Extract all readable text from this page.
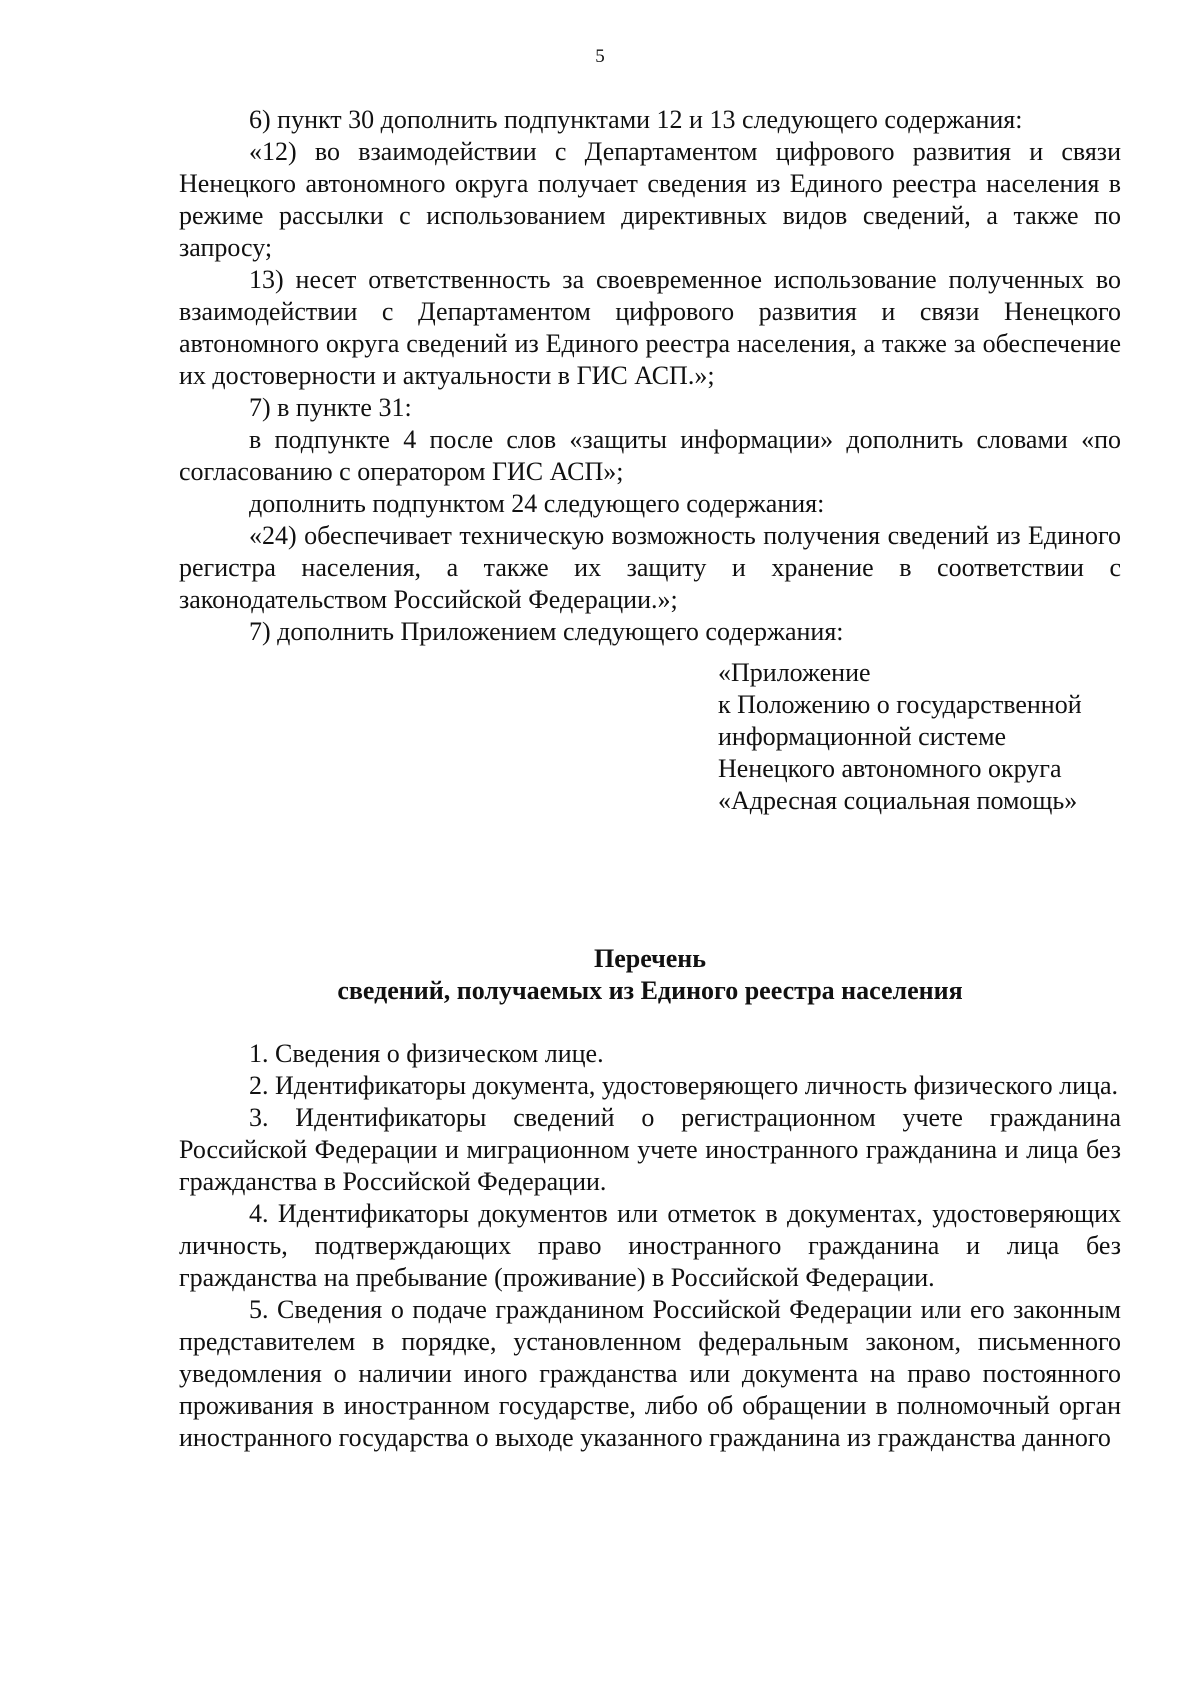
5

6) пункт 30 дополнить подпунктами 12 и 13 следующего содержания:

«12) во взаимодействии с Департаментом цифрового развития и связи Ненецкого автономного округа получает сведения из Единого реестра населения в режиме рассылки с использованием директивных видов сведений, а также по запросу;

13) несет ответственность за своевременное использование полученных во взаимодействии с Департаментом цифрового развития и связи Ненецкого автономного округа сведений из Единого реестра населения, а также за обеспечение их достоверности и актуальности в ГИС АСП.»;

7) в пункте 31:

в подпункте 4 после слов «защиты информации» дополнить словами «по согласованию с оператором ГИС АСП»;

дополнить подпунктом 24 следующего содержания:

«24) обеспечивает техническую возможность получения сведений из Единого регистра населения, а также их защиту и хранение в соответствии с законодательством Российской Федерации.»;

7) дополнить Приложением следующего содержания:

«Приложение
к Положению о государственной
информационной системе
Ненецкого автономного округа
«Адресная социальная помощь»
Перечень
сведений, получаемых из Единого реестра населения

1. Сведения о физическом лице.

2. Идентификаторы документа, удостоверяющего личность физического лица.

3. Идентификаторы сведений о регистрационном учете гражданина Российской Федерации и миграционном учете иностранного гражданина и лица без гражданства в Российской Федерации.

4. Идентификаторы документов или отметок в документах, удостоверяющих личность, подтверждающих право иностранного гражданина и лица без гражданства на пребывание (проживание) в Российской Федерации.

5. Сведения о подаче гражданином Российской Федерации или его законным представителем в порядке, установленном федеральным законом, письменного уведомления о наличии иного гражданства или документа на право постоянного проживания в иностранном государстве, либо об обращении в полномочный орган иностранного государства о выходе указанного гражданина из гражданства данного
